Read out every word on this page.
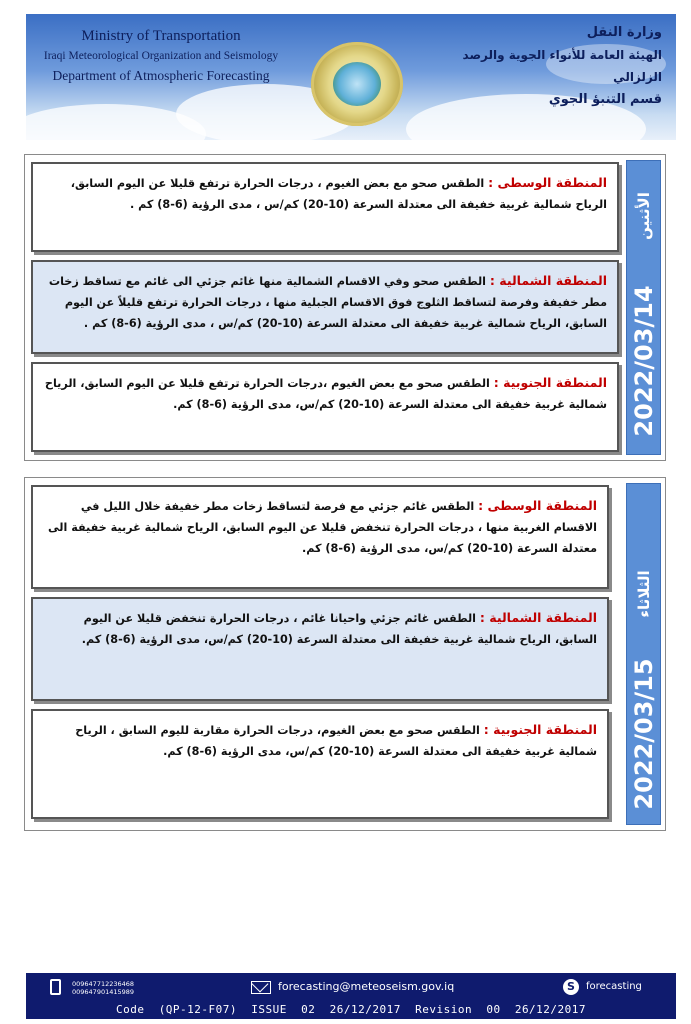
Ministry of Transportation
Iraqi Meteorological Organization and Seismology
Department of Atmospheric Forecasting
وزارة النقل
الهيئة العامة للأنواء الجوية والرصد الزلزالي
قسم التنبؤ الجوي
الأثنين
2022/03/14
المنطقة الوسطى : الطقس صحو مع بعض الغيوم ، درجات الحرارة ترتفع قليلا عن اليوم السابق، الرياح شمالية غربية خفيفة الى معتدلة السرعة (10-20) كم/س ، مدى الرؤية (6-8) كم .
المنطقة الشمالية : الطقس صحو وفي الاقسام الشمالية منها غائم جزئي الى غائم مع تساقط زخات مطر خفيفة وفرصة لتساقط الثلوج فوق الاقسام الجبلية منها ، درجات الحرارة ترتفع قليلاً عن اليوم السابق، الرياح شمالية غربية خفيفة الى معتدلة السرعة (10-20) كم/س ، مدى الرؤية (6-8) كم .
المنطقة الجنوبية : الطقس صحو مع بعض الغيوم ،درجات الحرارة ترتفع قليلا عن اليوم السابق، الرياح شمالية غربية خفيفة الى معتدلة السرعة (10-20) كم/س، مدى الرؤية (6-8) كم.
الثلاثاء
2022/03/15
المنطقة الوسطى : الطقس غائم جزئي مع فرصة لتساقط زخات مطر خفيفة خلال الليل في الاقسام الغربية منها ، درجات الحرارة تنخفض قليلا عن اليوم السابق، الرياح شمالية غربية خفيفة الى معتدلة السرعة (10-20) كم/س، مدى الرؤية (6-8) كم.
المنطقة الشمالية : الطقس غائم جزئي واحيانا غائم ، درجات الحرارة تنخفض قليلا عن اليوم السابق، الرياح شمالية غربية خفيفة الى معتدلة السرعة (10-20) كم/س، مدى الرؤية (6-8) كم.
المنطقة الجنوبية : الطقس صحو مع بعض الغيوم، درجات الحرارة مقاربة لليوم السابق ، الرياح شمالية غربية خفيفة الى معتدلة السرعة (10-20) كم/س، مدى الرؤية (6-8) كم.
009647712236468
009647901415989	forecasting@meteoseism.gov.iq	S	forecasting
Code  (QP-12-F07)  ISSUE  02  26/12/2017  Revision  00  26/12/2017
